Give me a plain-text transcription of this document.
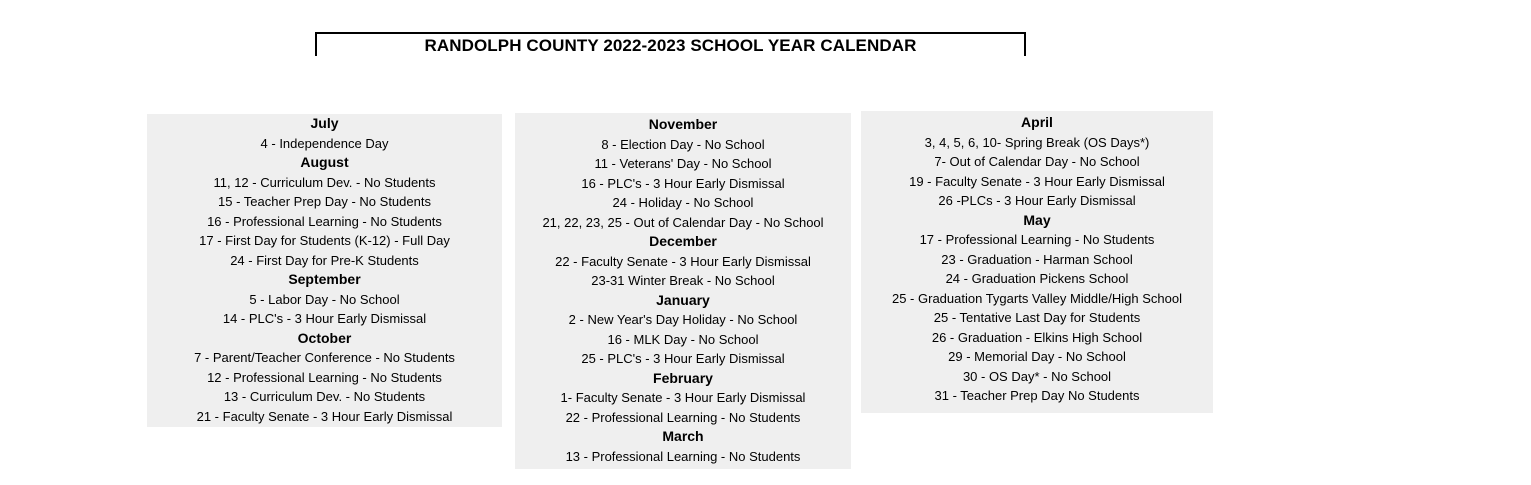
RANDOLPH COUNTY 2022-2023 SCHOOL YEAR CALENDAR
July
4 - Independence Day
August
11, 12 - Curriculum Dev. - No Students
15 - Teacher Prep Day - No Students
16 - Professional Learning - No Students
17 - First Day for Students (K-12) - Full Day
24 - First Day for Pre-K Students
September
5 - Labor Day - No School
14 - PLC's - 3 Hour Early Dismissal
October
7 - Parent/Teacher Conference - No Students
12 - Professional Learning - No Students
13 - Curriculum Dev. - No Students
21 - Faculty Senate - 3 Hour Early Dismissal
November
8 - Election Day - No School
11 - Veterans' Day - No School
16 - PLC's - 3 Hour Early Dismissal
24 - Holiday - No School
21, 22, 23, 25 - Out of Calendar Day - No School
December
22 - Faculty Senate - 3 Hour Early Dismissal
23-31 Winter Break - No School
January
2 - New Year's Day Holiday - No School
16 - MLK Day - No School
25 - PLC's - 3 Hour Early Dismissal
February
1- Faculty Senate - 3 Hour Early Dismissal
22 - Professional Learning - No Students
March
13 - Professional Learning - No Students
April
3, 4, 5, 6, 10- Spring Break (OS Days*)
7- Out of Calendar Day - No School
19 - Faculty Senate - 3 Hour Early Dismissal
26 -PLCs - 3 Hour Early Dismissal
May
17 - Professional Learning - No Students
23 - Graduation - Harman School
24 - Graduation Pickens School
25 - Graduation Tygarts Valley Middle/High School
25 - Tentative Last Day for Students
26 - Graduation - Elkins High School
29 - Memorial Day - No School
30 - OS Day* - No School
31 - Teacher Prep Day No Students
